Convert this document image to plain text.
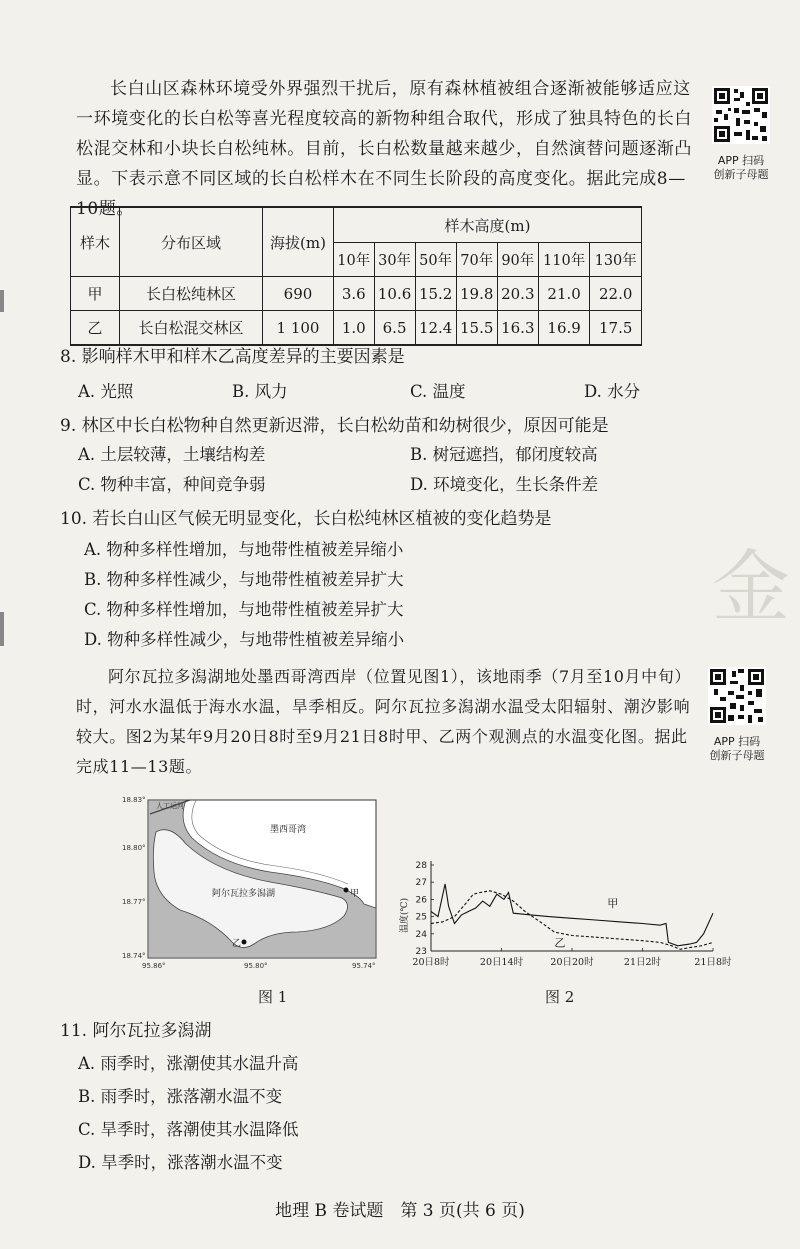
金
长白山区森林环境受外界强烈干扰后，原有森林植被组合逐渐被能够适应这一环境变化的长白松等喜光程度较高的新物种组合取代，形成了独具特色的长白松混交林和小块长白松纯林。目前，长白松数量越来越少，自然演替问题逐渐凸显。下表示意不同区域的长白松样木在不同生长阶段的高度变化。据此完成8—10题。
APP 扫码
创新子母题
样木	分布区域	海拔(m)	样木高度(m)						
			10年	30年	50年	70年	90年	110年	130年
甲	长白松纯林区	690	3.6	10.6	15.2	19.8	20.3	21.0	22.0
乙	长白松混交林区	1 100	1.0	6.5	12.4	15.5	16.3	16.9	17.5
8. 影响样木甲和样木乙高度差异的主要因素是
A. 光照	B. 风力	C. 温度	D. 水分
9. 林区中长白松物种自然更新迟滞，长白松幼苗和幼树很少，原因可能是
A. 土层较薄，土壤结构差	B. 树冠遮挡，郁闭度较高
C. 物种丰富，种间竞争弱	D. 环境变化，生长条件差
10. 若长白山区气候无明显变化，长白松纯林区植被的变化趋势是
A. 物种多样性增加，与地带性植被差异缩小
B. 物种多样性减少，与地带性植被差异扩大
C. 物种多样性增加，与地带性植被差异扩大
D. 物种多样性减少，与地带性植被差异缩小
阿尔瓦拉多潟湖地处墨西哥湾西岸（位置见图1），该地雨季（7月至10月中旬）时，河水水温低于海水水温，旱季相反。阿尔瓦拉多潟湖水温受太阳辐射、潮汐影响较大。图2为某年9月20日8时至9月21日8时甲、乙两个观测点的水温变化图。据此完成11—13题。
APP 扫码
创新子母题
18.83°
18.80°
18.77°
18.74°
95.86°	95.80°	95.74°
人工运河
墨西哥湾
阿尔瓦拉多潟湖	甲
乙
图 1
23
24
25
26
27
28
20日8时	20日14时	20日20时	21日2时	21日8时
温度(℃)	甲
乙
图 2
11. 阿尔瓦拉多潟湖
A. 雨季时，涨潮使其水温升高
B. 雨季时，涨落潮水温不变
C. 旱季时，落潮使其水温降低
D. 旱季时，涨落潮水温不变
地理 B 卷试题　第 3 页(共 6 页)
